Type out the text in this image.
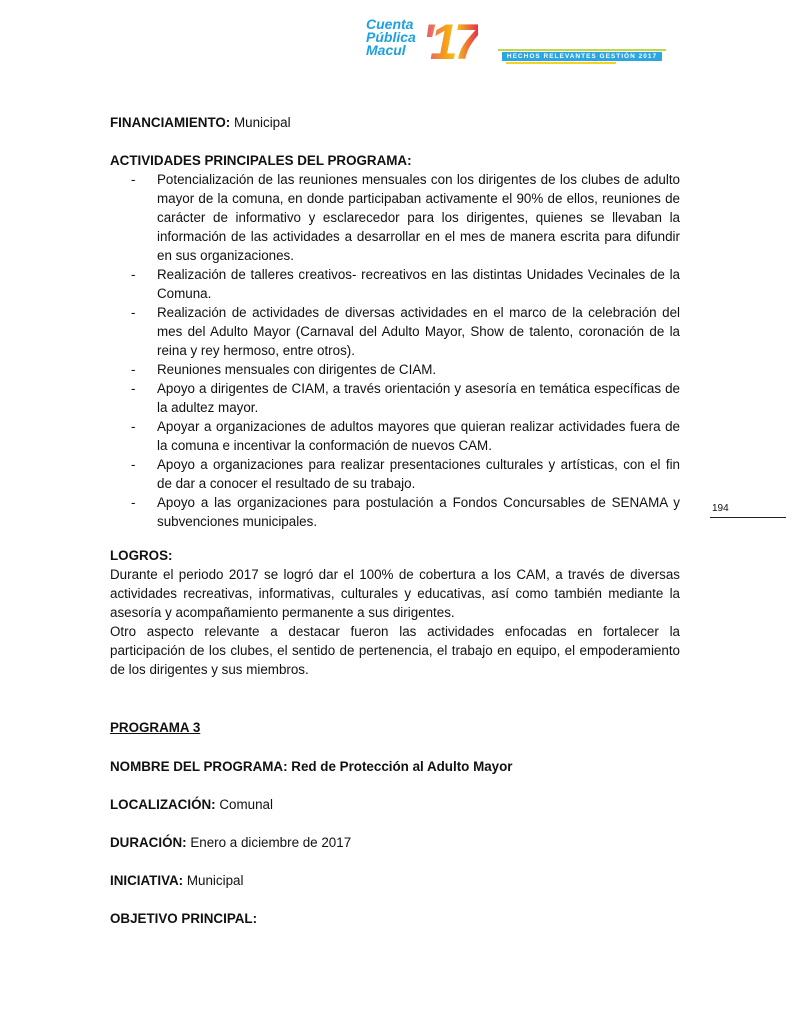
Cuenta
Pública
Macul '17	HECHOS RELEVANTES GESTIÓN 2017
FINANCIAMIENTO: Municipal
ACTIVIDADES PRINCIPALES DEL PROGRAMA:
- Potencialización de las reuniones mensuales con los dirigentes de los clubes de adulto mayor de la comuna, en donde participaban activamente el 90% de ellos, reuniones de carácter de informativo y esclarecedor para los dirigentes, quienes se llevaban la información de las actividades a desarrollar en el mes de manera escrita para difundir en sus organizaciones.
- Realización de talleres creativos- recreativos en las distintas Unidades Vecinales de la Comuna.
- Realización de actividades de diversas actividades en el marco de la celebración del mes del Adulto Mayor (Carnaval del Adulto Mayor, Show de talento, coronación de la reina y rey hermoso, entre otros).
- Reuniones mensuales con dirigentes de CIAM.
- Apoyo a dirigentes de CIAM, a través orientación y asesoría en temática específicas de la adultez mayor.
- Apoyar a organizaciones de adultos mayores que quieran realizar actividades fuera de la comuna e incentivar la conformación de nuevos CAM.
- Apoyo a organizaciones para realizar presentaciones culturales y artísticas, con el fin de dar a conocer el resultado de su trabajo.
- Apoyo a las organizaciones para postulación a Fondos Concursables de SENAMA y subvenciones municipales.
194
LOGROS:

Durante el periodo 2017 se logró dar el 100% de cobertura a los CAM, a través de diversas actividades recreativas, informativas, culturales y educativas, así como también mediante la asesoría y acompañamiento permanente a sus dirigentes.

Otro aspecto relevante a destacar fueron las actividades enfocadas en fortalecer la participación de los clubes, el sentido de pertenencia, el trabajo en equipo, el empoderamiento de los dirigentes y sus miembros.

PROGRAMA 3
NOMBRE DEL PROGRAMA: Red de Protección al Adulto Mayor
LOCALIZACIÓN: Comunal
DURACIÓN: Enero a diciembre de 2017
INICIATIVA: Municipal
OBJETIVO PRINCIPAL:
